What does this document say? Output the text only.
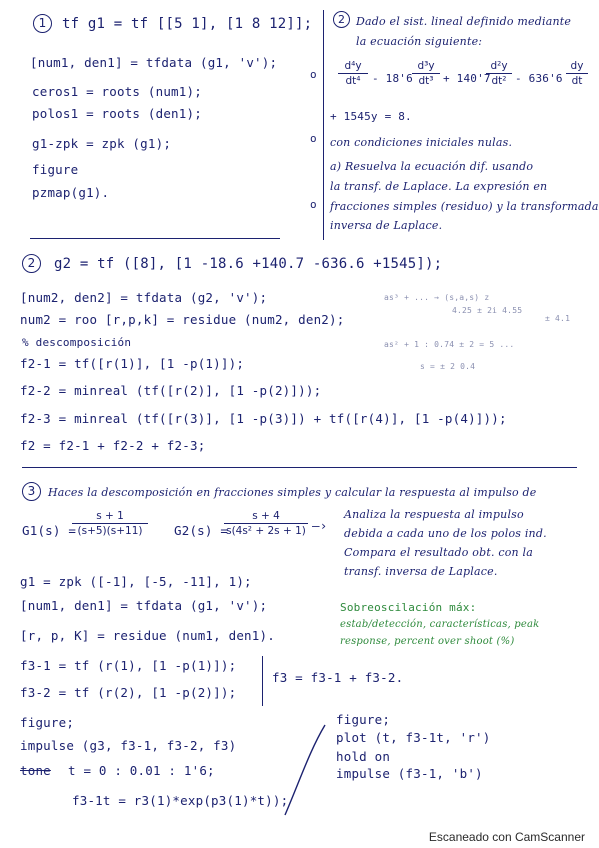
1	tf g1 = tf [[5 1], [1 8 12]];
[num1, den1] = tfdata (g1, 'v');
ceros1 = roots (num1);
polos1 = roots (den1);
g1-zpk = zpk (g1);
figure
pzmap(g1).
o
o
o
2	Dado el sist. lineal definido mediante la ecuación siguiente:
d⁴y
dt⁴	- 18'6
d³y
dt³ + 140'7
d²y
dt² - 636'6
dy
dt
+ 1545y = 8.
con condiciones iniciales nulas.
a) Resuelva la ecuación dif. usando
la transf. de Laplace. La expresión en
fracciones simples (residuo) y la transformada
inversa de Laplace.
2	g2 = tf ([8], [1 -18.6 +140.7 -636.6 +1545]);
[num2, den2] = tfdata (g2, 'v');
num2 = roo [r,p,k] = residue (num2, den2);
% descomposición
f2-1 = tf([r(1)], [1 -p(1)]);
f2-2 = minreal (tf([r(2)], [1 -p(2)]));
f2-3 = minreal (tf([r(3)], [1 -p(3)]) + tf([r(4)], [1 -p(4)]));
f2 = f2-1 + f2-2 + f2-3;
as³ + ... → (s,a,s) z
4.25 ± 2i 4.55
± 4.1
as² + 1 : 0.74 ± 2 = 5 ...
s = ± 2 0.4
3	Haces la descomposición en fracciones simples y calcular la respuesta al impulso de
G1(s) =
s + 1
(s+5)(s+11)	G2(s) =
s + 4
s(4s² + 2s + 1) —›
Analiza la respuesta al impulso
debida a cada uno de los polos ind.
Compara el resultado obt. con la
transf. inversa de Laplace.
g1 = zpk ([-1], [-5, -11], 1);
[num1, den1] = tfdata (g1, 'v');
[r, p, K] = residue (num1, den1).
f3-1 = tf (r(1), [1 -p(1)]);
f3-2 = tf (r(2), [1 -p(2)]);
f3 = f3-1 + f3-2.
figure;
impulse (g3, f3-1, f3-2, f3)
tone t = 0 : 0.01 : 1'6;
f3-1t = r3(1)*exp(p3(1)*t));
Sobreoscilación máx:
estab/detección, características, peak
response, percent over shoot (%)
figure;
plot (t, f3-1t, 'r')
hold on
impulse (f3-1, 'b')
Escaneado con CamScanner
